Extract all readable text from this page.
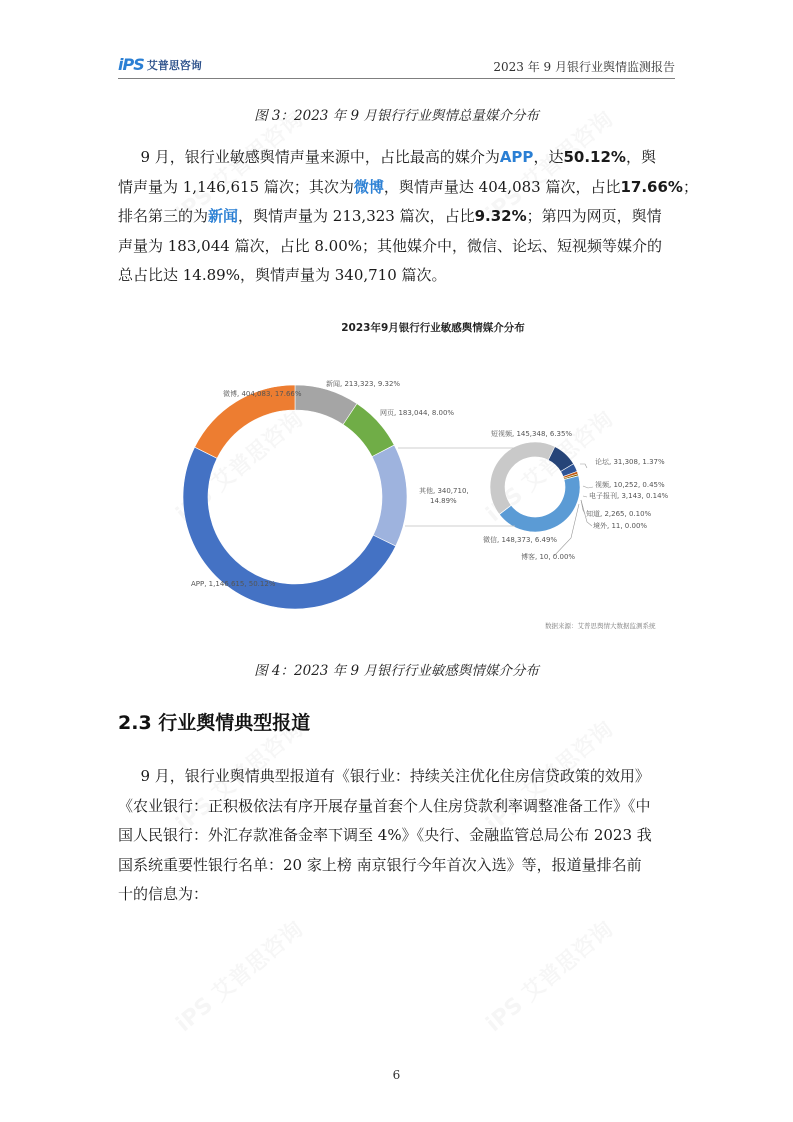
iPS 艾普思咨询	2023 年 9 月银行业舆情监测报告
图 3：2023 年 9 月银行行业舆情总量媒介分布
  9 月，银行业敏感舆情声量来源中，占比最高的媒介为APP，达50.12%，舆
情声量为 1,146,615 篇次；其次为微博，舆情声量达 404,083 篇次，占比17.66%；
排名第三的为新闻，舆情声量为 213,323 篇次，占比9.32%；第四为网页，舆情
声量为 183,044 篇次，占比 8.00%；其他媒介中，微信、论坛、短视频等媒介的
总占比达 14.89%，舆情声量为 340,710 篇次。
2023年9月银行行业敏感舆情媒介分布
APP, 1,146,615, 50.12%
微博, 404,083, 17.66%
新闻, 213,323, 9.32%
网页, 183,044, 8.00%
其他, 340,710,
14.89%
短视频, 145,348, 6.35%
论坛, 31,308, 1.37%
视频, 10,252, 0.45%
电子报刊, 3,143, 0.14%
知道, 2,265, 0.10%
境外, 11, 0.00%
微信, 148,373, 6.49%
博客, 10, 0.00%
数据来源：艾普思舆情大数据监测系统
图 4：2023 年 9 月银行行业敏感舆情媒介分布
2.3 行业舆情典型报道
  9 月，银行业舆情典型报道有《银行业：持续关注优化住房信贷政策的效用》
《农业银行：正积极依法有序开展存量首套个人住房贷款利率调整准备工作》《中
国人民银行：外汇存款准备金率下调至 4%》《央行、金融监管总局公布 2023 我
国系统重要性银行名单：20 家上榜 南京银行今年首次入选》等，报道量排名前
十的信息为：
6
